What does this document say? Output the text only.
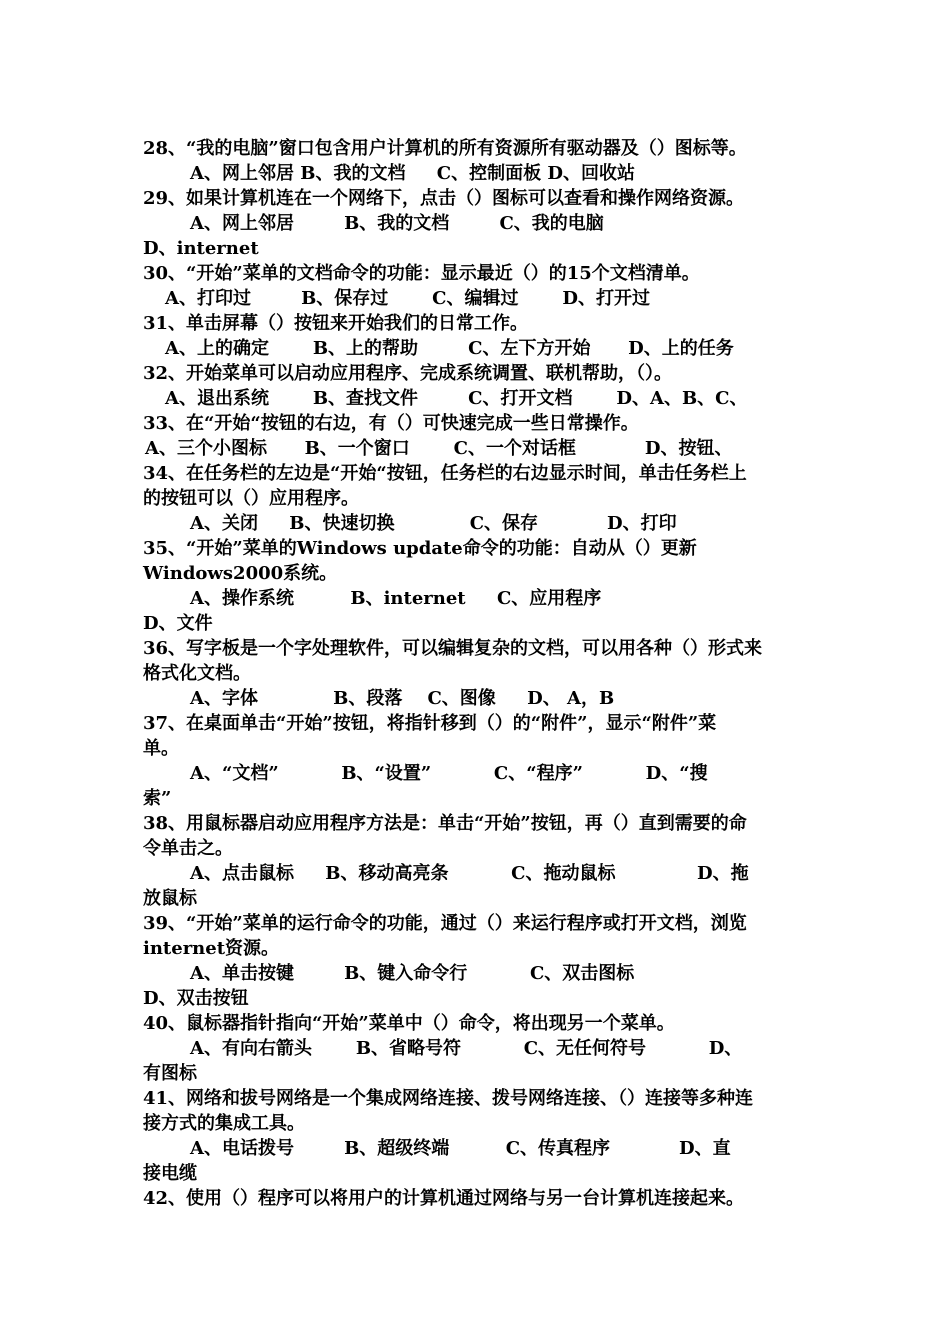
28、“我的电脑”窗口包含用户计算机的所有资源所有驱动器及（）图标等。
A、网上邻居 B、我的文档     C、控制面板 D、回收站
29、如果计算机连在一个网络下，点击（）图标可以查看和操作网络资源。
A、网上邻居        B、我的文档        C、我的电脑
D、internet
30、“开始”菜单的文档命令的功能：显示最近（）的15个文档清单。
A、打印过        B、保存过       C、编辑过       D、打开过
31、单击屏幕（）按钮来开始我们的日常工作。
A、上的确定       B、上的帮助        C、左下方开始      D、上的任务
32、开始菜单可以启动应用程序、完成系统调置、联机帮助，（）。
A、退出系统       B、查找文件        C、打开文档       D、A、B、C、
33、在“开始“按钮的右边，有（）可快速完成一些日常操作。
A、三个小图标      B、一个窗口       C、一个对话框           D、按钮、
34、在任务栏的左边是“开始“按钮，任务栏的右边显示时间，单击任务栏上
的按钮可以（）应用程序。
A、关闭     B、快速切换            C、保存           D、打印
35、“开始”菜单的Windows update命令的功能：自动从（）更新
Windows2000系统。
A、操作系统         B、internet     C、应用程序
D、文件
36、写字板是一个字处理软件，可以编辑复杂的文档，可以用各种（）形式来
格式化文档。
A、字体            B、段落    C、图像     D、 A，B
37、在桌面单击“开始”按钮，将指针移到（）的“附件”，显示“附件”菜
单。
A、“文档”          B、“设置”          C、“程序”          D、“搜
索”
38、用鼠标器启动应用程序方法是：单击“开始”按钮，再（）直到需要的命
令单击之。
A、点击鼠标     B、移动高亮条          C、拖动鼠标             D、拖
放鼠标
39、“开始”菜单的运行命令的功能，通过（）来运行程序或打开文档，浏览
internet资源。
A、单击按键        B、键入命令行          C、双击图标
D、双击按钮
40、鼠标器指针指向“开始”菜单中（）命令，将出现另一个菜单。
A、有向右箭头       B、省略号符          C、无任何符号          D、
有图标
41、网络和拔号网络是一个集成网络连接、拨号网络连接、（）连接等多种连
接方式的集成工具。
A、电话拨号        B、超级终端         C、传真程序           D、直
接电缆
42、使用（）程序可以将用户的计算机通过网络与另一台计算机连接起来。
